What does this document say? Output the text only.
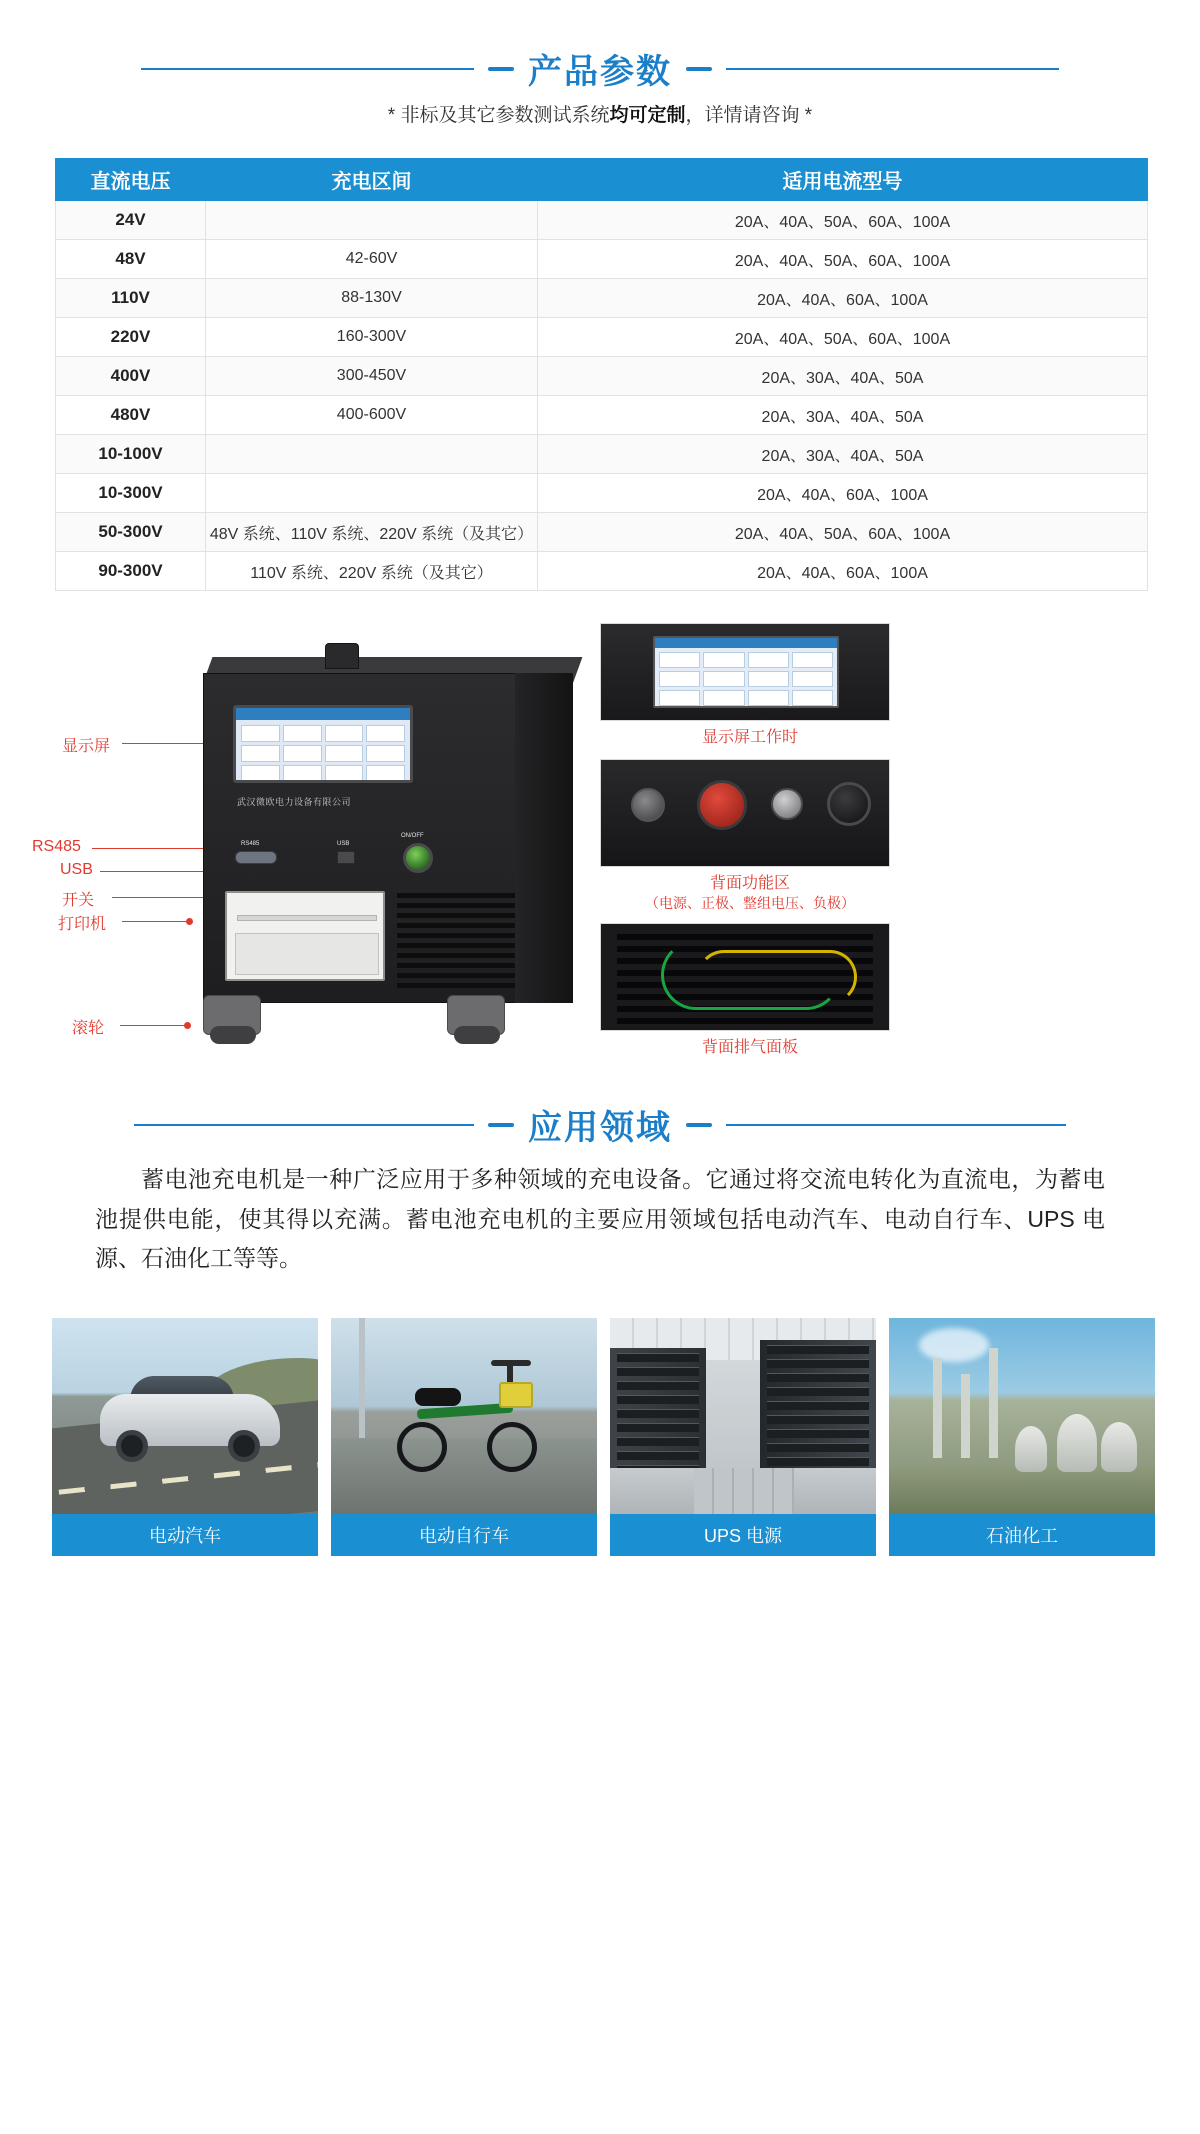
产品参数
* 非标及其它参数测试系统均可定制，详情请咨询 *
直流电压	充电区间	适用电流型号
24V		20A、40A、50A、60A、100A
48V	42-60V	20A、40A、50A、60A、100A
110V	88-130V	20A、40A、60A、100A
220V	160-300V	20A、40A、50A、60A、100A
400V	300-450V	20A、30A、40A、50A
480V	400-600V	20A、30A、40A、50A
10-100V		20A、30A、40A、50A
10-300V		20A、40A、60A、100A
50-300V	48V 系统、110V 系统、220V 系统（及其它）	20A、40A、50A、60A、100A
90-300V	110V 系统、220V 系统（及其它）	20A、40A、60A、100A
显示屏
RS485
USB
开关
打印机
滚轮
武汉微欧电力设备有限公司
RS485	USB
ON/OFF
显示屏工作时
背面功能区
（电源、正极、整组电压、负极）
背面排气面板
应用领域
蓄电池充电机是一种广泛应用于多种领域的充电设备。它通过将交流电转化为直流电，为蓄电池提供电能，使其得以充满。蓄电池充电机的主要应用领域包括电动汽车、电动自行车、UPS 电源、石油化工等等。
电动汽车	电动自行车	UPS 电源	石油化工
